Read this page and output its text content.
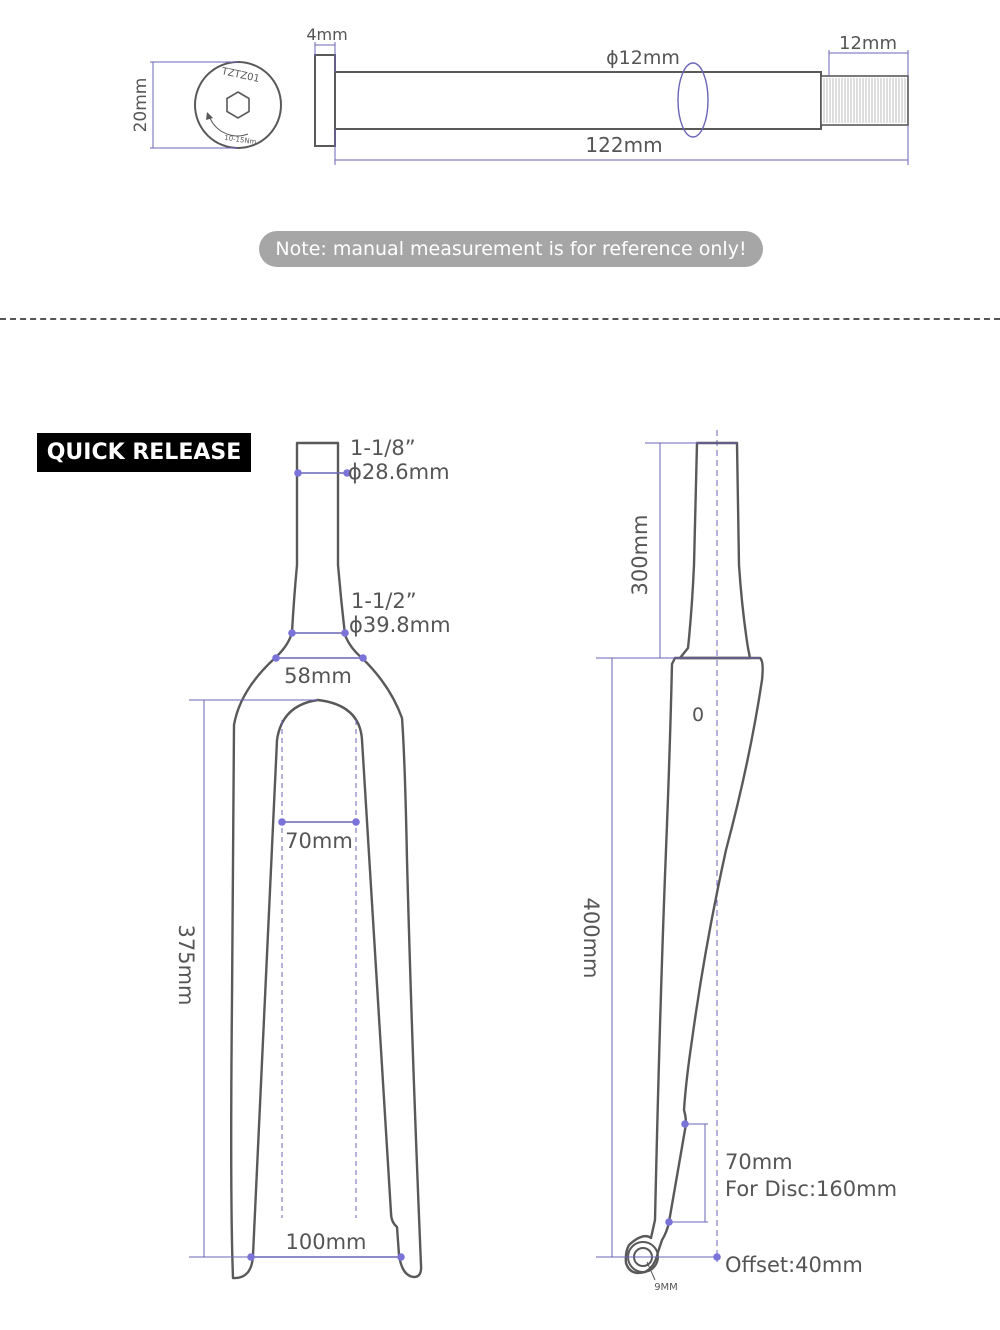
TZTZ01
10-15Nm
20mm
ϕ12mm
4mm	12mm
122mm
1-1/8”
ϕ28.6mm
1-1/2”
ϕ39.8mm
58mm
70mm
375mm
100mm
9MM
0
300mm
400mm
70mm
For Disc:160mm
Offset:40mm
Note: manual measurement is for reference only!
QUICK RELEASE
